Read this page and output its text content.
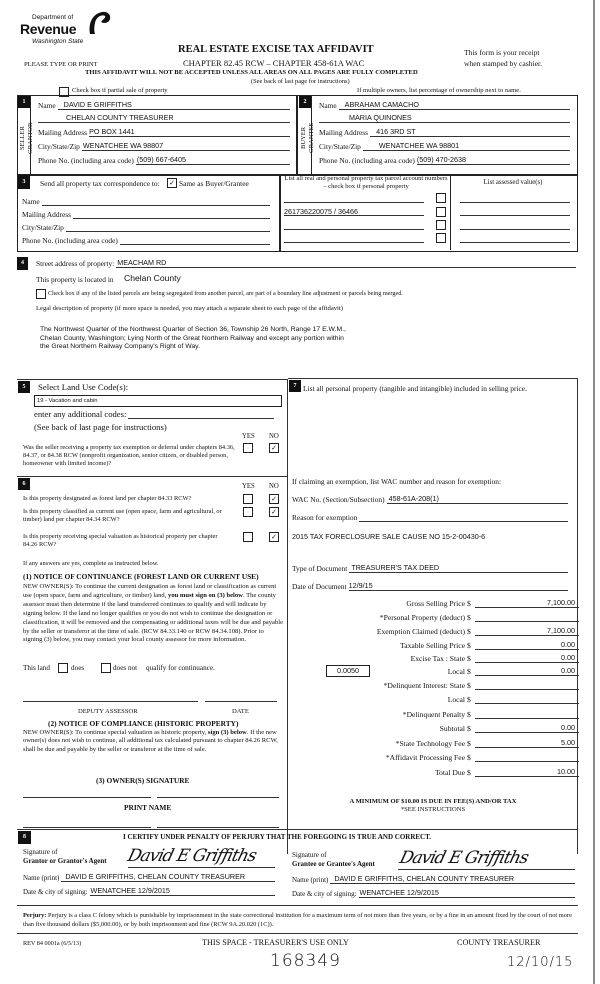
Department of
Revenue
Washington State
PLEASE TYPE OR PRINT
REAL ESTATE EXCISE TAX AFFIDAVIT
CHAPTER 82.45 RCW – CHAPTER 458-61A WAC
This form is your receipt
when stamped by cashier.
THIS AFFIDAVIT WILL NOT BE ACCEPTED UNLESS ALL AREAS ON ALL PAGES ARE FULLY COMPLETED
(See back of last page for instructions)
Check box if partial sale of property	If multiple owners, list percentage of ownership next to name.
1
SELLER GRANTOR
Name	DAVID E GRIFFITHS
CHELAN COUNTY TREASURER
Mailing Address PO BOX 1441
City/State/Zip WENATCHEE WA 98807
Phone No. (including area code) (509) 667-6405
2
BUYER GRANTEE
Name	ABRAHAM CAMACHO
MARIA QUINONES
Mailing Address	416 3RD ST
City/State/Zip	WENATCHEE WA 98801
Phone No. (including area code) (509) 470-2638
3	Send all property tax correspondence to: ✓ Same as Buyer/Grantee
Name
Mailing Address
City/State/Zip
Phone No. (including area code)
List all real and personal property tax parcel account numbers – check box if personal property
List assessed value(s)
261736220075 / 36466
4	Street address of property: MEACHAM RD
This property is located in Chelan County
Check box if any of the listed parcels are being segregated from another parcel, are part of a boundary line adjustment or parcels being merged.
Legal description of property (if more space is needed, you may attach a separate sheet to each page of the affidavit)
The Northwest Quarter of the Northwest Quarter of Section 36, Township 26 North, Range 17 E.W.M.,
Chelan County, Washington; Lying North of the Great Northern Railway and except any portion within
the Great Northern Railway Company's Right of Way.
5	Select Land Use Code(s):
19 - Vacation and cabin
enter any additional codes:
(See back of last page for instructions)
YES NO
Was the seller receiving a property tax exemption or deferral under chapters 84.36, 84.37, or 84.38 RCW (nonprofit organization, senior citizen, or disabled person, homeowner with limited income)?
✓
6	YES NO
Is this property designated as forest land per chapter 84.33 RCW?	✓
Is this property classified as current use (open space, farm and agricultural, or timber) land per chapter 84.34 RCW?
✓
Is this property receiving special valuation as historical property per chapter 84.26 RCW?
✓
If any answers are yes, complete as instructed below.
(1) NOTICE OF CONTINUANCE (FOREST LAND OR CURRENT USE)
NEW OWNER(S): To continue the current designation as forest land or classification as current use (open space, farm and agriculture, or timber) land, you must sign on (3) below. The county assessor must then determine if the land transferred continues to qualify and will indicate by signing below. If the land no longer qualifies or you do not wish to continue the designation or classification, it will be removed and the compensating or additional taxes will be due and payable by the seller or transferor at the time of sale. (RCW 84.33.140 or RCW 84.34.108). Prior to signing (3) below, you may contact your local county assessor for more information.
This land	does	does not qualify for continuance.
DEPUTY ASSESSOR	DATE
(2) NOTICE OF COMPLIANCE (HISTORIC PROPERTY)
NEW OWNER(S): To continue special valuation as historic property, sign (3) below. If the new owner(s) does not wish to continue, all additional tax calculated pursuant to chapter 84.26 RCW, shall be due and payable by the seller or transferor at the time of sale.
(3) OWNER(S) SIGNATURE
PRINT NAME
7 List all personal property (tangible and intangible) included in selling price.
If claiming an exemption, list WAC number and reason for exemption:
WAC No. (Section/Subsection) 458-61A-208(1)
Reason for exemption
2015 TAX FORECLOSURE SALE CAUSE NO 15-2-00430-6
Type of Document TREASURER'S TAX DEED
Date of Document 12/9/15
Gross Selling Price $	7,100.00
*Personal Property (deduct) $
Exemption Claimed (deduct) $	7,100.00
Taxable Selling Price $	0.00
Excise Tax : State $	0.00
0.0050	Local $	0.00
*Delinquent Interest: State $
Local $
*Delinquent Penalty $
Subtotal $	0.00
*State Technology Fee $	5.00
*Affidavit Processing Fee $
Total Due $	10.00
A MINIMUM OF $10.00 IS DUE IN FEE(S) AND/OR TAX
*SEE INSTRUCTIONS
8	I CERTIFY UNDER PENALTY OF PERJURY THAT THE FOREGOING IS TRUE AND CORRECT.
Signature of
Grantor or Grantor's Agent David E Griffiths
Name (print) DAVID E GRIFFITHS, CHELAN COUNTY TREASURER
Date & city of signing: WENATCHEE 12/9/2015
Signature of
Grantee or Grantee's Agent David E Griffiths
Name (print) DAVID E GRIFFITHS, CHELAN COUNTY TREASURER
Date & city of signing: WENATCHEE 12/9/2015
Perjury: Perjury is a class C felony which is punishable by imprisonment in the state correctional institution for a maximum term of not more than five years, or by a fine in an amount fixed by the court of not more than five thousand dollars ($5,000.00), or by both imprisonment and fine (RCW 9A.20.020 (1C)).
REV 84 0001a (6/5/13)	THIS SPACE - TREASURER'S USE ONLY	COUNTY TREASURER
168349	12/10/15
